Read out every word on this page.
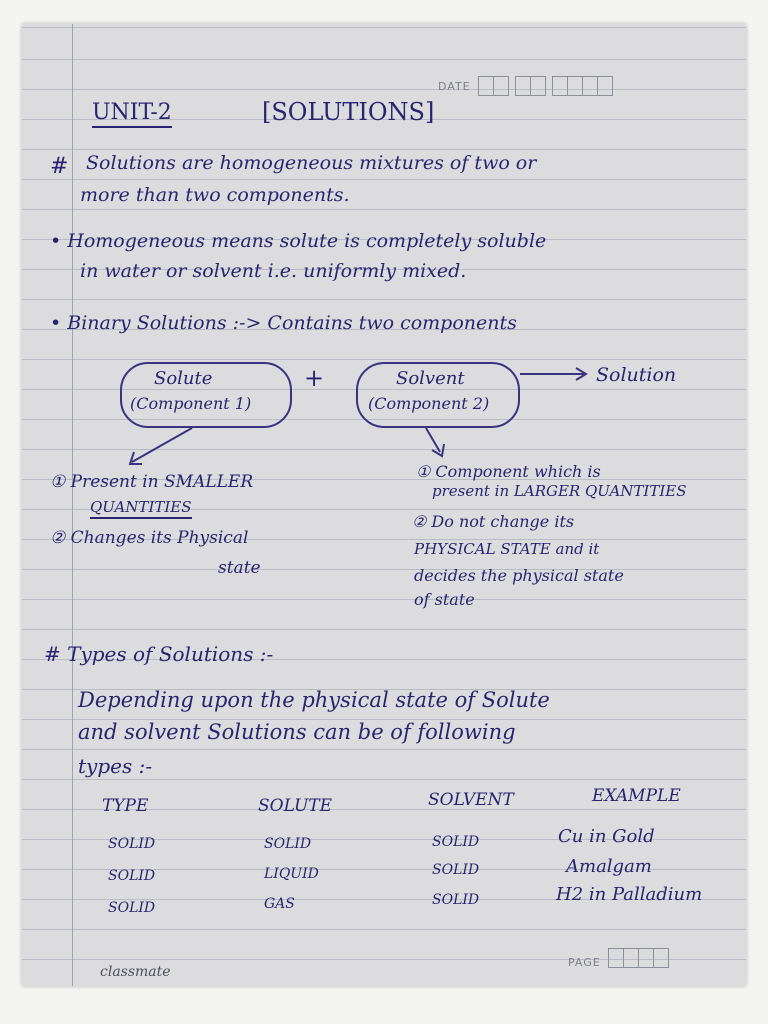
DATE
UNIT-2	[SOLUTIONS]
# Solutions are homogeneous mixtures of two or
more than two components.
• Homogeneous means solute is completely soluble
in water or solvent i.e. uniformly mixed.
• Binary Solutions :-> Contains two components
Solute
(Component 1)
+	Solvent
(Component 2)
Solution
① Present in SMALLER
QUANTITIES
② Changes its Physical
state
① Component which is
present in LARGER QUANTITIES
② Do not change its
PHYSICAL STATE and it
decides the physical state
of state
# Types of Solutions :-
Depending upon the physical state of Solute
and solvent Solutions can be of following
types :-
TYPE	SOLUTE	SOLVENT	EXAMPLE
SOLID	SOLID	SOLID	Cu in Gold
SOLID	LIQUID	SOLID	Amalgam
SOLID	GAS	SOLID	H2 in Palladium
classmate
PAGE
